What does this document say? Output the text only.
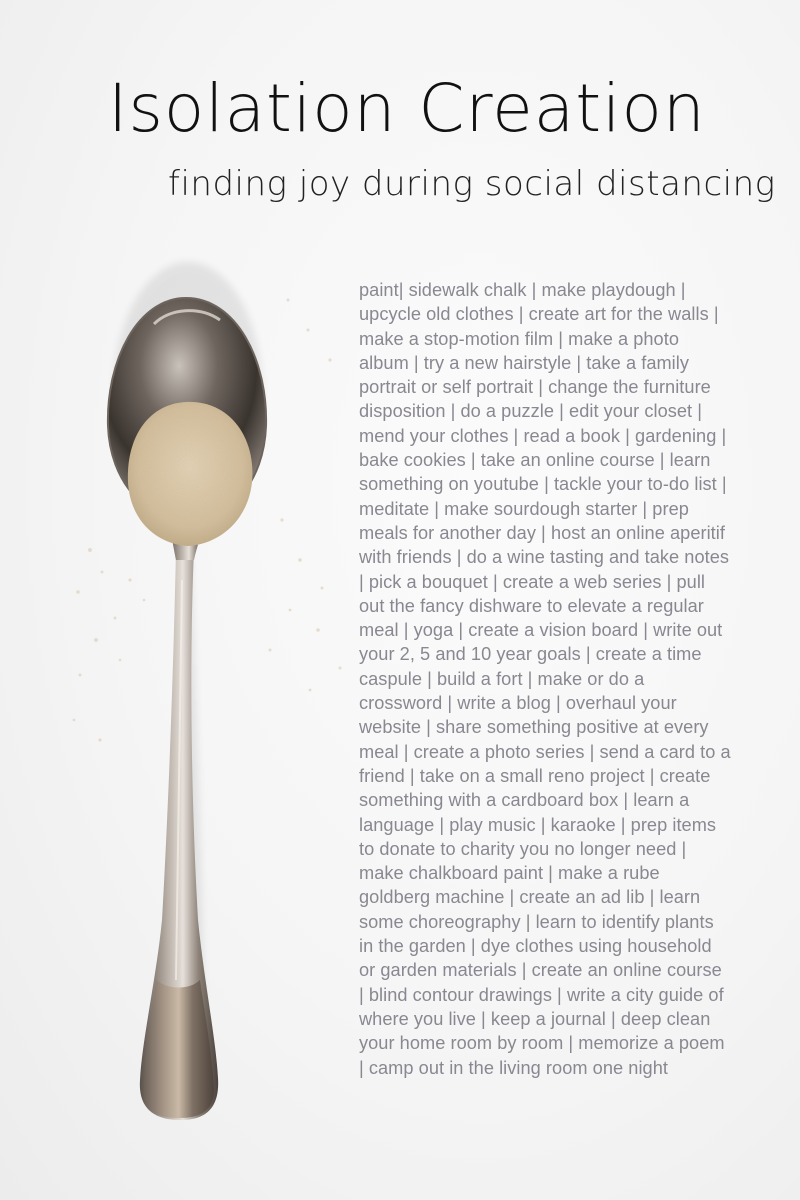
Isolation Creation
finding joy during social distancing
paint| sidewalk chalk | make playdough | upcycle old clothes | create art for the walls | make a stop-motion film | make a photo album | try a new hairstyle | take a family portrait or self portrait | change the furniture disposition | do a puzzle | edit your closet | mend your clothes | read a book | gardening | bake cookies | take an online course | learn something on youtube | tackle your to-do list | meditate | make sourdough starter | prep meals for another day | host an online aperitif with friends | do a wine tasting and take notes | pick a bouquet | create a web series | pull out the fancy dishware to elevate a regular meal | yoga | create a vision board | write out your 2, 5 and 10 year goals | create a time caspule | build a fort | make or do a crossword | write a blog | overhaul your website | share something positive at every meal | create a photo series | send a card to a friend | take on a small reno project | create something with a cardboard box | learn a language | play music | karaoke | prep items to donate to charity you no longer need | make chalkboard paint | make a rube goldberg machine | create an ad lib | learn some choreography | learn to identify plants in the garden | dye clothes using household or garden materials | create an online course | blind contour drawings | write a city guide of where you live | keep a journal | deep clean your home room by room | memorize a poem | camp out in the living room one night
